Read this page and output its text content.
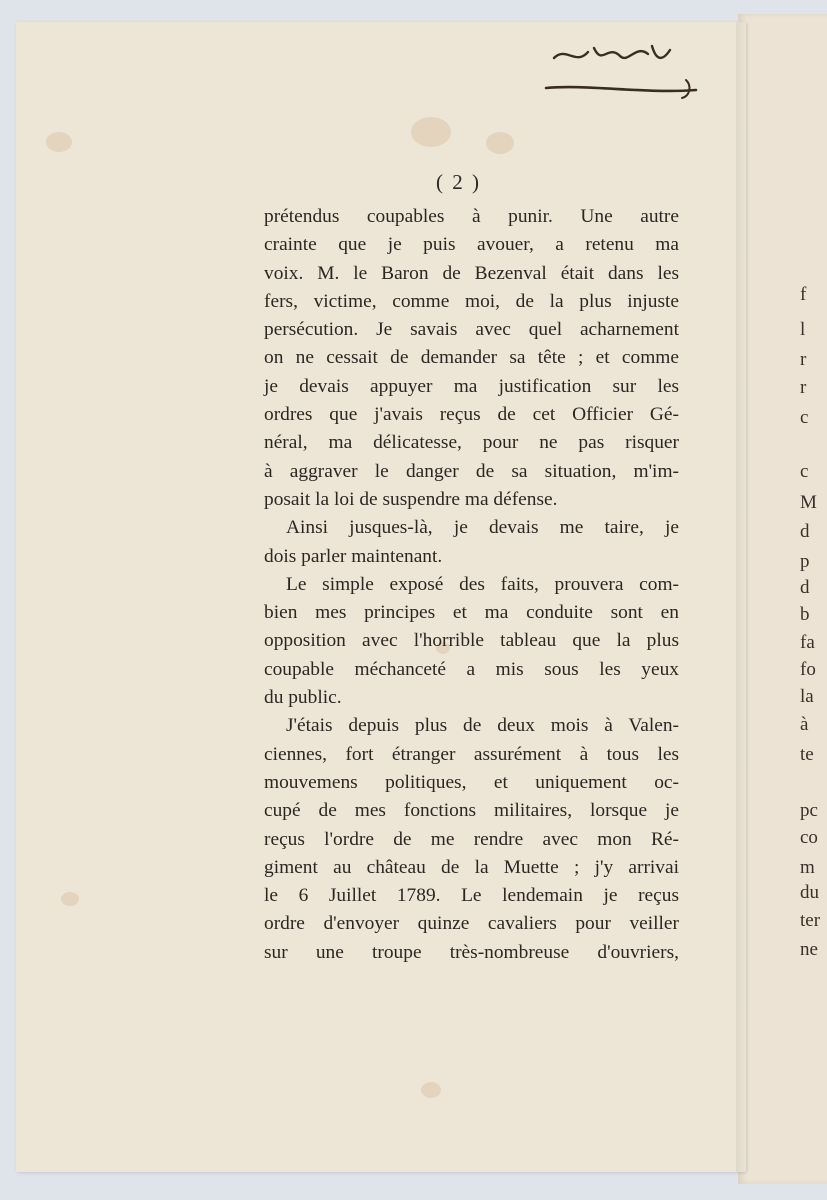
f
l
r
r
c
c
M
d
p
d
b
fa
fo
la
à
te
pc
co
m
du
ter
ne
( 2 )
prétendus coupables à punir. Une autre
crainte que je puis avouer, a retenu ma
voix. M. le Baron de Bezenval était dans les
fers, victime, comme moi, de la plus injuste
persécution. Je savais avec quel acharnement
on ne cessait de demander sa tête ; et comme
je devais appuyer ma justification sur les
ordres que j'avais reçus de cet Officier Gé-
néral, ma délicatesse, pour ne pas risquer
à aggraver le danger de sa situation, m'im-
posait la loi de suspendre ma défense.
Ainsi jusques-là, je devais me taire, je
dois parler maintenant.
Le simple exposé des faits, prouvera com-
bien mes principes et ma conduite sont en
opposition avec l'horrible tableau que la plus
coupable méchanceté a mis sous les yeux
du public.
J'étais depuis plus de deux mois à Valen-
ciennes, fort étranger assurément à tous les
mouvemens politiques, et uniquement oc-
cupé de mes fonctions militaires, lorsque je
reçus l'ordre de me rendre avec mon Ré-
giment au château de la Muette ; j'y arrivai
le 6 Juillet 1789. Le lendemain je reçus
ordre d'envoyer quinze cavaliers pour veiller
sur une troupe très-nombreuse d'ouvriers,
